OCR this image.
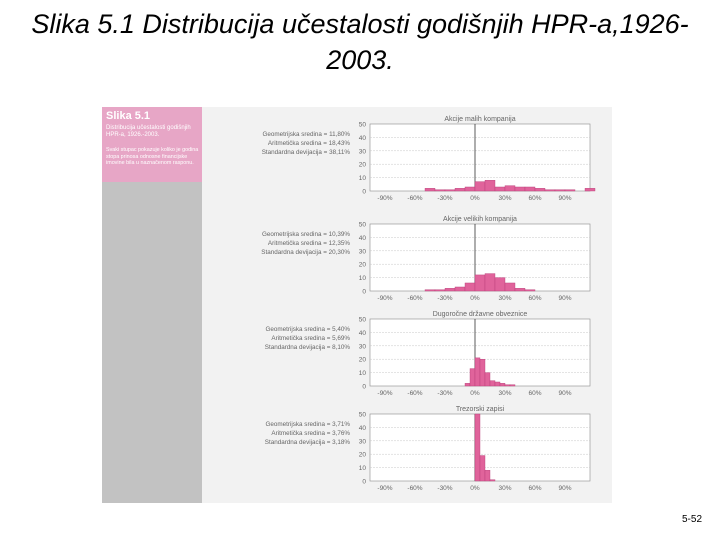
Slika 5.1 Distribucija učestalosti godišnjih HPR-a,1926-2003.
Slika 5.1
Distribucija učestalosti godišnjih HPR-a, 1926.-2003.
Svaki stupac pokazuje koliko je godina stopa prinosa odnosne financijske imovine bila u naznačenom rasponu.
Akcije malih kompanija
0
10
20
30
40
50
-90% -60% -30%	0%	30%	60%	90%
Geometrijska sredina = 11,80%
Aritmetička sredina = 18,43%
Standardna devijacija = 38,11%
Akcije velikih kompanija
0
10
20
30
40
50
-90% -60% -30%	0%	30%	60%	90%
Geometrijska sredina = 10,39%
Aritmetička sredina = 12,35%
Standardna devijacija = 20,30%
Dugoročne državne obveznice
0
10
20
30
40
50
-90% -60% -30%	0%	30%	60%	90%
Geometrijska sredina = 5,40%
Aritmetička sredina = 5,69%
Standardna devijacija = 8,10%
Trezorski zapisi
0
10
20
30
40
50
-90% -60% -30%	0%	30%	60%	90%
Geometrijska sredina = 3,71%
Aritmetička sredina = 3,76%
Standardna devijacija = 3,18%
5-52
